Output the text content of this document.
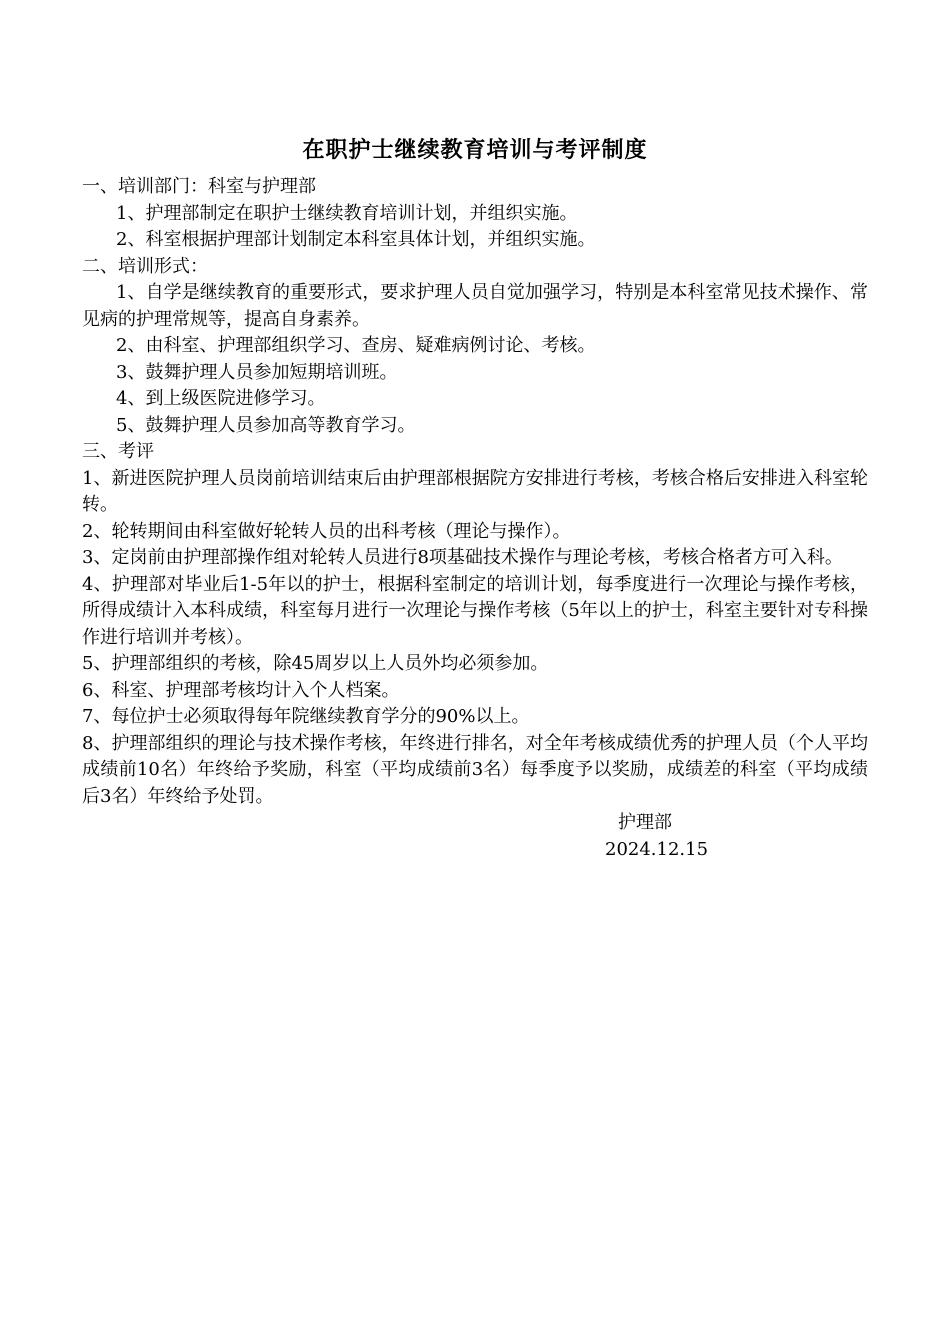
在职护士继续教育培训与考评制度

一、培训部门：科室与护理部

1、护理部制定在职护士继续教育培训计划，并组织实施。

2、科室根据护理部计划制定本科室具体计划，并组织实施。

二、培训形式：

1、自学是继续教育的重要形式，要求护理人员自觉加强学习，特别是本科室常见技术操作、常见病的护理常规等，提高自身素养。

2、由科室、护理部组织学习、查房、疑难病例讨论、考核。

3、鼓舞护理人员参加短期培训班。

4、到上级医院进修学习。

5、鼓舞护理人员参加高等教育学习。

三、考评

1、新进医院护理人员岗前培训结束后由护理部根据院方安排进行考核，考核合格后安排进入科室轮转。

2、轮转期间由科室做好轮转人员的出科考核（理论与操作）。

3、定岗前由护理部操作组对轮转人员进行8项基础技术操作与理论考核，考核合格者方可入科。

4、护理部对毕业后1-5年以的护士，根据科室制定的培训计划，每季度进行一次理论与操作考核，所得成绩计入本科成绩，科室每月进行一次理论与操作考核（5年以上的护士，科室主要针对专科操作进行培训并考核）。

5、护理部组织的考核，除45周岁以上人员外均必须参加。

6、科室、护理部考核均计入个人档案。

7、每位护士必须取得每年院继续教育学分的90%以上。

8、护理部组织的理论与技术操作考核，年终进行排名，对全年考核成绩优秀的护理人员（个人平均成绩前10名）年终给予奖励，科室（平均成绩前3名）每季度予以奖励，成绩差的科室（平均成绩后3名）年终给予处罚。

护理部

2024.12.15
